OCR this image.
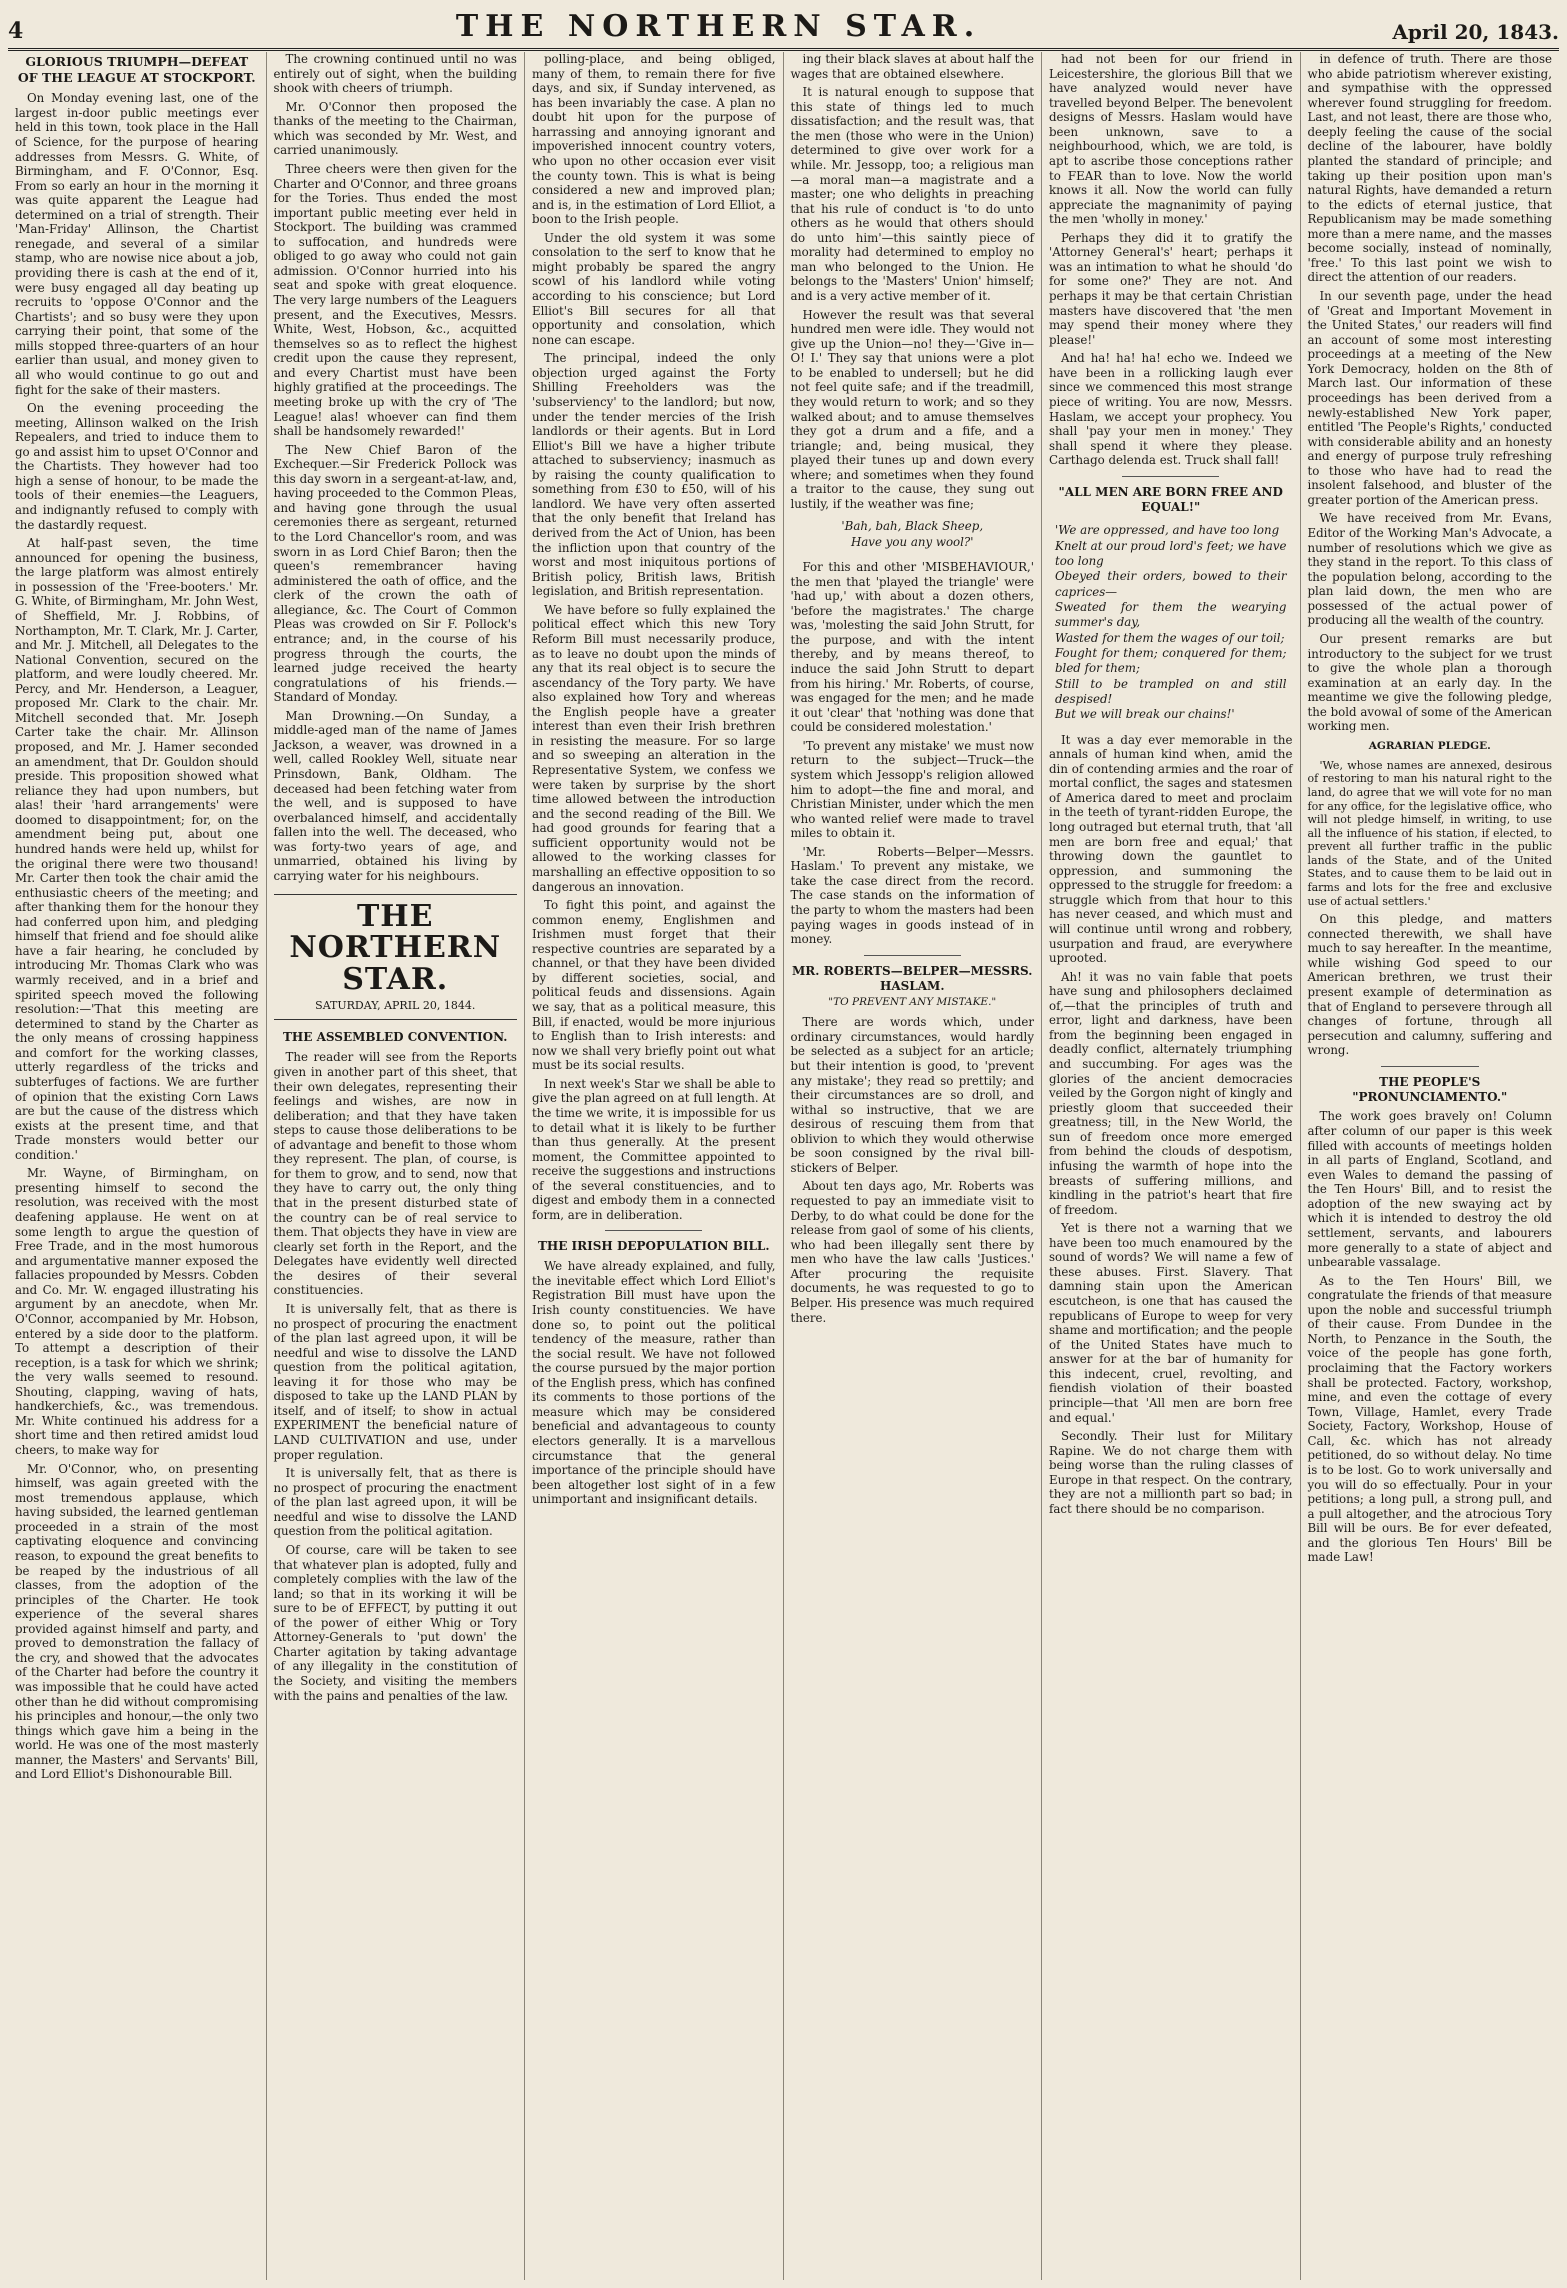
4	THE NORTHERN STAR.	April 20, 1843.
GLORIOUS TRIUMPH—DEFEAT OF THE LEAGUE AT STOCKPORT.

On Monday evening last, one of the largest in-door public meetings ever held in this town, took place in the Hall of Science, for the purpose of hearing addresses from Messrs. G. White, of Birmingham, and F. O'Connor, Esq. From so early an hour in the morning it was quite apparent the League had determined on a trial of strength. Their 'Man-Friday' Allinson, the Chartist renegade, and several of a similar stamp, who are nowise nice about a job, providing there is cash at the end of it, were busy engaged all day beating up recruits to 'oppose O'Connor and the Chartists'; and so busy were they upon carrying their point, that some of the mills stopped three-quarters of an hour earlier than usual, and money given to all who would continue to go out and fight for the sake of their masters.

On the evening proceeding the meeting, Allinson walked on the Irish Repealers, and tried to induce them to go and assist him to upset O'Connor and the Chartists. They however had too high a sense of honour, to be made the tools of their enemies—the Leaguers, and indignantly refused to comply with the dastardly request.

At half-past seven, the time announced for opening the business, the large platform was almost entirely in possession of the 'Free-booters.' Mr. G. White, of Birmingham, Mr. John West, of Sheffield, Mr. J. Robbins, of Northampton, Mr. T. Clark, Mr. J. Carter, and Mr. J. Mitchell, all Delegates to the National Convention, secured on the platform, and were loudly cheered. Mr. Percy, and Mr. Henderson, a Leaguer, proposed Mr. Clark to the chair. Mr. Mitchell seconded that. Mr. Joseph Carter take the chair. Mr. Allinson proposed, and Mr. J. Hamer seconded an amendment, that Dr. Gouldon should preside. This proposition showed what reliance they had upon numbers, but alas! their 'hard arrangements' were doomed to disappointment; for, on the amendment being put, about one hundred hands were held up, whilst for the original there were two thousand! Mr. Carter then took the chair amid the enthusiastic cheers of the meeting; and after thanking them for the honour they had conferred upon him, and pledging himself that friend and foe should alike have a fair hearing, he concluded by introducing Mr. Thomas Clark who was warmly received, and in a brief and spirited speech moved the following resolution:—'That this meeting are determined to stand by the Charter as the only means of crossing happiness and comfort for the working classes, utterly regardless of the tricks and subterfuges of factions. We are further of opinion that the existing Corn Laws are but the cause of the distress which exists at the present time, and that Trade monsters would better our condition.'

Mr. Wayne, of Birmingham, on presenting himself to second the resolution, was received with the most deafening applause. He went on at some length to argue the question of Free Trade, and in the most humorous and argumentative manner exposed the fallacies propounded by Messrs. Cobden and Co. Mr. W. engaged illustrating his argument by an anecdote, when Mr. O'Connor, accompanied by Mr. Hobson, entered by a side door to the platform. To attempt a description of their reception, is a task for which we shrink; the very walls seemed to resound. Shouting, clapping, waving of hats, handkerchiefs, &c., was tremendous. Mr. White continued his address for a short time and then retired amidst loud cheers, to make way for

Mr. O'Connor, who, on presenting himself, was again greeted with the most tremendous applause, which having subsided, the learned gentleman proceeded in a strain of the most captivating eloquence and convincing reason, to expound the great benefits to be reaped by the industrious of all classes, from the adoption of the principles of the Charter. He took experience of the several shares provided against himself and party, and proved to demonstration the fallacy of the cry, and showed that the advocates of the Charter had before the country it was impossible that he could have acted other than he did without compromising his principles and honour,—the only two things which gave him a being in the world. He was one of the most masterly manner, the Masters' and Servants' Bill, and Lord Elliot's Dishonourable Bill.

The crowning continued until no was entirely out of sight, when the building shook with cheers of triumph.

Mr. O'Connor then proposed the thanks of the meeting to the Chairman, which was seconded by Mr. West, and carried unanimously.

Three cheers were then given for the Charter and O'Connor, and three groans for the Tories. Thus ended the most important public meeting ever held in Stockport. The building was crammed to suffocation, and hundreds were obliged to go away who could not gain admission. O'Connor hurried into his seat and spoke with great eloquence. The very large numbers of the Leaguers present, and the Executives, Messrs. White, West, Hobson, &c., acquitted themselves so as to reflect the highest credit upon the cause they represent, and every Chartist must have been highly gratified at the proceedings. The meeting broke up with the cry of 'The League! alas! whoever can find them shall be handsomely rewarded!'

The New Chief Baron of the Exchequer.—Sir Frederick Pollock was this day sworn in a sergeant-at-law, and, having proceeded to the Common Pleas, and having gone through the usual ceremonies there as sergeant, returned to the Lord Chancellor's room, and was sworn in as Lord Chief Baron; then the queen's remembrancer having administered the oath of office, and the clerk of the crown the oath of allegiance, &c. The Court of Common Pleas was crowded on Sir F. Pollock's entrance; and, in the course of his progress through the courts, the learned judge received the hearty congratulations of his friends.—Standard of Monday.

Man Drowning.—On Sunday, a middle-aged man of the name of James Jackson, a weaver, was drowned in a well, called Rookley Well, situate near Prinsdown, Bank, Oldham. The deceased had been fetching water from the well, and is supposed to have overbalanced himself, and accidentally fallen into the well. The deceased, who was forty-two years of age, and unmarried, obtained his living by carrying water for his neighbours.

THE NORTHERN STAR.
SATURDAY, APRIL 20, 1844.
THE ASSEMBLED CONVENTION.

The reader will see from the Reports given in another part of this sheet, that their own delegates, representing their feelings and wishes, are now in deliberation; and that they have taken steps to cause those deliberations to be of advantage and benefit to those whom they represent. The plan, of course, is for them to grow, and to send, now that they have to carry out, the only thing that in the present disturbed state of the country can be of real service to them. That objects they have in view are clearly set forth in the Report, and the Delegates have evidently well directed the desires of their several constituencies.

It is universally felt, that as there is no prospect of procuring the enactment of the plan last agreed upon, it will be needful and wise to dissolve the LAND question from the political agitation, leaving it for those who may be disposed to take up the LAND PLAN by itself, and of itself; to show in actual EXPERIMENT the beneficial nature of LAND CULTIVATION and use, under proper regulation.

It is universally felt, that as there is no prospect of procuring the enactment of the plan last agreed upon, it will be needful and wise to dissolve the LAND question from the political agitation.

Of course, care will be taken to see that whatever plan is adopted, fully and completely complies with the law of the land; so that in its working it will be sure to be of EFFECT, by putting it out of the power of either Whig or Tory Attorney-Generals to 'put down' the Charter agitation by taking advantage of any illegality in the constitution of the Society, and visiting the members with the pains and penalties of the law.

polling-place, and being obliged, many of them, to remain there for five days, and six, if Sunday intervened, as has been invariably the case. A plan no doubt hit upon for the purpose of harrassing and annoying ignorant and impoverished innocent country voters, who upon no other occasion ever visit the county town. This is what is being considered a new and improved plan; and is, in the estimation of Lord Elliot, a boon to the Irish people.

Under the old system it was some consolation to the serf to know that he might probably be spared the angry scowl of his landlord while voting according to his conscience; but Lord Elliot's Bill secures for all that opportunity and consolation, which none can escape.

The principal, indeed the only objection urged against the Forty Shilling Freeholders was the 'subserviency' to the landlord; but now, under the tender mercies of the Irish landlords or their agents. But in Lord Elliot's Bill we have a higher tribute attached to subserviency; inasmuch as by raising the county qualification to something from £30 to £50, will of his landlord. We have very often asserted that the only benefit that Ireland has derived from the Act of Union, has been the infliction upon that country of the worst and most iniquitous portions of British policy, British laws, British legislation, and British representation.

We have before so fully explained the political effect which this new Tory Reform Bill must necessarily produce, as to leave no doubt upon the minds of any that its real object is to secure the ascendancy of the Tory party. We have also explained how Tory and whereas the English people have a greater interest than even their Irish brethren in resisting the measure. For so large and so sweeping an alteration in the Representative System, we confess we were taken by surprise by the short time allowed between the introduction and the second reading of the Bill. We had good grounds for fearing that a sufficient opportunity would not be allowed to the working classes for marshalling an effective opposition to so dangerous an innovation.

To fight this point, and against the common enemy, Englishmen and Irishmen must forget that their respective countries are separated by a channel, or that they have been divided by different societies, social, and political feuds and dissensions. Again we say, that as a political measure, this Bill, if enacted, would be more injurious to English than to Irish interests: and now we shall very briefly point out what must be its social results.

In next week's Star we shall be able to give the plan agreed on at full length. At the time we write, it is impossible for us to detail what it is likely to be further than thus generally. At the present moment, the Committee appointed to receive the suggestions and instructions of the several constituencies, and to digest and embody them in a connected form, are in deliberation.

THE IRISH DEPOPULATION BILL.

We have already explained, and fully, the inevitable effect which Lord Elliot's Registration Bill must have upon the Irish county constituencies. We have done so, to point out the political tendency of the measure, rather than the social result. We have not followed the course pursued by the major portion of the English press, which has confined its comments to those portions of the measure which may be considered beneficial and advantageous to county electors generally. It is a marvellous circumstance that the general importance of the principle should have been altogether lost sight of in a few unimportant and insignificant details.

ing their black slaves at about half the wages that are obtained elsewhere.

It is natural enough to suppose that this state of things led to much dissatisfaction; and the result was, that the men (those who were in the Union) determined to give over work for a while. Mr. Jessopp, too; a religious man—a moral man—a magistrate and a master; one who delights in preaching that his rule of conduct is 'to do unto others as he would that others should do unto him'—this saintly piece of morality had determined to employ no man who belonged to the Union. He belongs to the 'Masters' Union' himself; and is a very active member of it.

However the result was that several hundred men were idle. They would not give up the Union—no! they—'Give in—O! I.' They say that unions were a plot to be enabled to undersell; but he did not feel quite safe; and if the treadmill, they would return to work; and so they walked about; and to amuse themselves they got a drum and a fife, and a triangle; and, being musical, they played their tunes up and down every where; and sometimes when they found a traitor to the cause, they sung out lustily, if the weather was fine;

'Bah, bah, Black Sheep,
Have you any wool?'

For this and other 'MISBEHAVIOUR,' the men that 'played the triangle' were 'had up,' with about a dozen others, 'before the magistrates.' The charge was, 'molesting the said John Strutt, for the purpose, and with the intent thereby, and by means thereof, to induce the said John Strutt to depart from his hiring.' Mr. Roberts, of course, was engaged for the men; and he made it out 'clear' that 'nothing was done that could be considered molestation.'

'To prevent any mistake' we must now return to the subject—Truck—the system which Jessopp's religion allowed him to adopt—the fine and moral, and Christian Minister, under which the men who wanted relief were made to travel miles to obtain it.

'Mr. Roberts—Belper—Messrs. Haslam.' To prevent any mistake, we take the case direct from the record. The case stands on the information of the party to whom the masters had been paying wages in goods instead of in money.

MR. ROBERTS—BELPER—MESSRS. HASLAM.
"TO PREVENT ANY MISTAKE."

There are words which, under ordinary circumstances, would hardly be selected as a subject for an article; but their intention is good, to 'prevent any mistake'; they read so prettily; and their circumstances are so droll, and withal so instructive, that we are desirous of rescuing them from that oblivion to which they would otherwise be soon consigned by the rival bill-stickers of Belper.

About ten days ago, Mr. Roberts was requested to pay an immediate visit to Derby, to do what could be done for the release from gaol of some of his clients, who had been illegally sent there by men who have the law calls 'Justices.' After procuring the requisite documents, he was requested to go to Belper. His presence was much required there.

had not been for our friend in Leicestershire, the glorious Bill that we have analyzed would never have travelled beyond Belper. The benevolent designs of Messrs. Haslam would have been unknown, save to a neighbourhood, which, we are told, is apt to ascribe those conceptions rather to FEAR than to love. Now the world knows it all. Now the world can fully appreciate the magnanimity of paying the men 'wholly in money.'

Perhaps they did it to gratify the 'Attorney General's' heart; perhaps it was an intimation to what he should 'do for some one?' They are not. And perhaps it may be that certain Christian masters have discovered that 'the men may spend their money where they please!'

And ha! ha! ha! echo we. Indeed we have been in a rollicking laugh ever since we commenced this most strange piece of writing. You are now, Messrs. Haslam, we accept your prophecy. You shall 'pay your men in money.' They shall spend it where they please. Carthago delenda est. Truck shall fall!

"ALL MEN ARE BORN FREE AND EQUAL!"
'We are oppressed, and have too long
Knelt at our proud lord's feet; we have too long
Obeyed their orders, bowed to their caprices—
Sweated for them the wearying summer's day,
Wasted for them the wages of our toil;
Fought for them; conquered for them; bled for them;
Still to be trampled on and still despised!
But we will break our chains!'

It was a day ever memorable in the annals of human kind when, amid the din of contending armies and the roar of mortal conflict, the sages and statesmen of America dared to meet and proclaim in the teeth of tyrant-ridden Europe, the long outraged but eternal truth, that 'all men are born free and equal;' that throwing down the gauntlet to oppression, and summoning the oppressed to the struggle for freedom: a struggle which from that hour to this has never ceased, and which must and will continue until wrong and robbery, usurpation and fraud, are everywhere uprooted.

Ah! it was no vain fable that poets have sung and philosophers declaimed of,—that the principles of truth and error, light and darkness, have been from the beginning been engaged in deadly conflict, alternately triumphing and succumbing. For ages was the glories of the ancient democracies veiled by the Gorgon night of kingly and priestly gloom that succeeded their greatness; till, in the New World, the sun of freedom once more emerged from behind the clouds of despotism, infusing the warmth of hope into the breasts of suffering millions, and kindling in the patriot's heart that fire of freedom.

Yet is there not a warning that we have been too much enamoured by the sound of words? We will name a few of these abuses. First. Slavery. That damning stain upon the American escutcheon, is one that has caused the republicans of Europe to weep for very shame and mortification; and the people of the United States have much to answer for at the bar of humanity for this indecent, cruel, revolting, and fiendish violation of their boasted principle—that 'All men are born free and equal.'

Secondly. Their lust for Military Rapine. We do not charge them with being worse than the ruling classes of Europe in that respect. On the contrary, they are not a millionth part so bad; in fact there should be no comparison.

in defence of truth. There are those who abide patriotism wherever existing, and sympathise with the oppressed wherever found struggling for freedom. Last, and not least, there are those who, deeply feeling the cause of the social decline of the labourer, have boldly planted the standard of principle; and taking up their position upon man's natural Rights, have demanded a return to the edicts of eternal justice, that Republicanism may be made something more than a mere name, and the masses become socially, instead of nominally, 'free.' To this last point we wish to direct the attention of our readers.

In our seventh page, under the head of 'Great and Important Movement in the United States,' our readers will find an account of some most interesting proceedings at a meeting of the New York Democracy, holden on the 8th of March last. Our information of these proceedings has been derived from a newly-established New York paper, entitled 'The People's Rights,' conducted with considerable ability and an honesty and energy of purpose truly refreshing to those who have had to read the insolent falsehood, and bluster of the greater portion of the American press.

We have received from Mr. Evans, Editor of the Working Man's Advocate, a number of resolutions which we give as they stand in the report. To this class of the population belong, according to the plan laid down, the men who are possessed of the actual power of producing all the wealth of the country.

Our present remarks are but introductory to the subject for we trust to give the whole plan a thorough examination at an early day. In the meantime we give the following pledge, the bold avowal of some of the American working men.

AGRARIAN PLEDGE.

'We, whose names are annexed, desirous of restoring to man his natural right to the land, do agree that we will vote for no man for any office, for the legislative office, who will not pledge himself, in writing, to use all the influence of his station, if elected, to prevent all further traffic in the public lands of the State, and of the United States, and to cause them to be laid out in farms and lots for the free and exclusive use of actual settlers.'

On this pledge, and matters connected therewith, we shall have much to say hereafter. In the meantime, while wishing God speed to our American brethren, we trust their present example of determination as that of England to persevere through all changes of fortune, through all persecution and calumny, suffering and wrong.

THE PEOPLE'S "PRONUNCIAMENTO."

The work goes bravely on! Column after column of our paper is this week filled with accounts of meetings holden in all parts of England, Scotland, and even Wales to demand the passing of the Ten Hours' Bill, and to resist the adoption of the new swaying act by which it is intended to destroy the old settlement, servants, and labourers more generally to a state of abject and unbearable vassalage.

As to the Ten Hours' Bill, we congratulate the friends of that measure upon the noble and successful triumph of their cause. From Dundee in the North, to Penzance in the South, the voice of the people has gone forth, proclaiming that the Factory workers shall be protected. Factory, workshop, mine, and even the cottage of every Town, Village, Hamlet, every Trade Society, Factory, Workshop, House of Call, &c. which has not already petitioned, do so without delay. No time is to be lost. Go to work universally and you will do so effectually. Pour in your petitions; a long pull, a strong pull, and a pull altogether, and the atrocious Tory Bill will be ours. Be for ever defeated, and the glorious Ten Hours' Bill be made Law!
